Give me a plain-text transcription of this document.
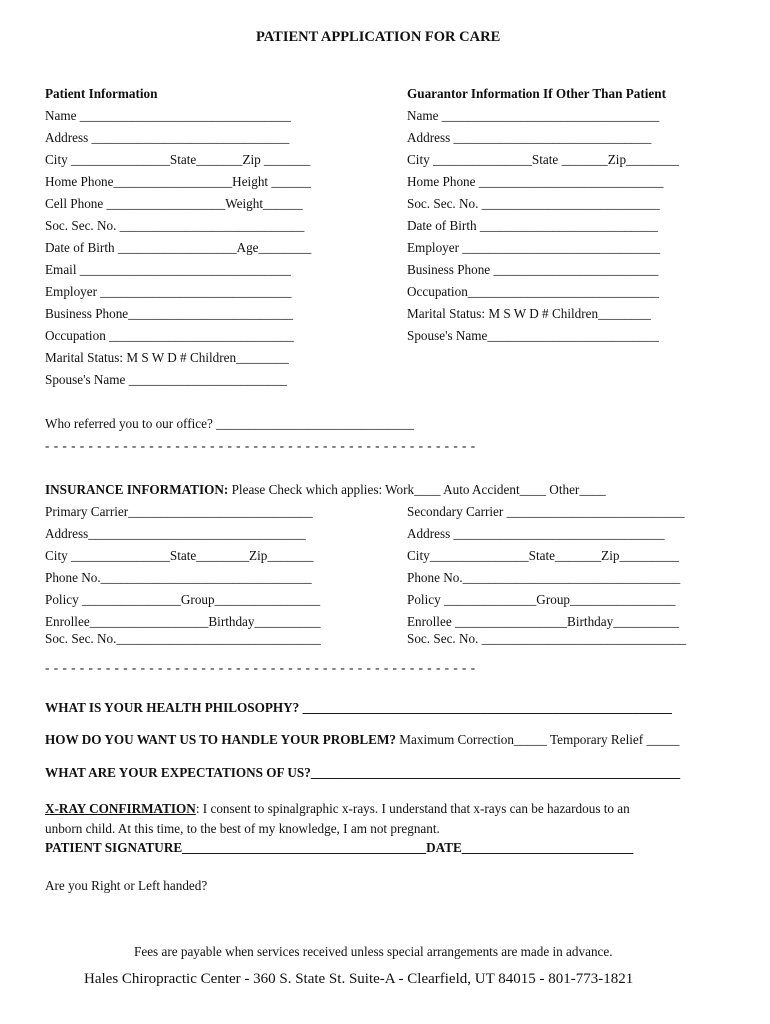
PATIENT APPLICATION FOR CARE
Patient Information
Name ________________________________
Address ______________________________
City _______________State_______Zip _______
Home Phone__________________Height ______
Cell Phone __________________Weight______
Soc. Sec. No. ____________________________
Date of Birth __________________Age________
Email ________________________________
Employer _____________________________
Business Phone_________________________
Occupation ____________________________
Marital Status: M S W D # Children________
Spouse's Name ________________________
Guarantor Information If Other Than Patient
Name _________________________________
Address ______________________________
City _______________State _______Zip________
Home Phone ____________________________
Soc. Sec. No. ___________________________
Date of Birth ___________________________
Employer ______________________________
Business Phone _________________________
Occupation_____________________________
Marital Status: M S W D # Children________
Spouse's Name__________________________
Who referred you to our office? ______________________________
- - - - - - - - - - - - - - - - - - - - - - - - - - - - - - - - - - - - - - - - - - - - - - - - - -
INSURANCE INFORMATION: Please Check which applies: Work____ Auto Accident____ Other____
Primary Carrier____________________________
Address_________________________________
City _______________State________Zip_______
Phone No.________________________________
Policy _______________Group________________
Enrollee__________________Birthday__________
Soc. Sec. No._______________________________
Secondary Carrier ___________________________
Address ________________________________
City_______________State_______Zip_________
Phone No._________________________________
Policy ______________Group________________
Enrollee _________________Birthday__________
Soc. Sec. No. _______________________________
- - - - - - - - - - - - - - - - - - - - - - - - - - - - - - - - - - - - - - - - - - - - - - - - - -
WHAT IS YOUR HEALTH PHILOSOPHY? ________________________________________________________
HOW DO YOU WANT US TO HANDLE YOUR PROBLEM? Maximum Correction_____ Temporary Relief _____
WHAT ARE YOUR EXPECTATIONS OF US?________________________________________________________
X-RAY CONFIRMATION: I consent to spinalgraphic x-rays. I understand that x-rays can be hazardous to an
unborn child. At this time, to the best of my knowledge, I am not pregnant.
PATIENT SIGNATURE_____________________________________DATE__________________________
Are you Right or Left handed?
Fees are payable when services received unless special arrangements are made in advance.
Hales Chiropractic Center - 360 S. State St. Suite-A - Clearfield, UT 84015 - 801-773-1821
